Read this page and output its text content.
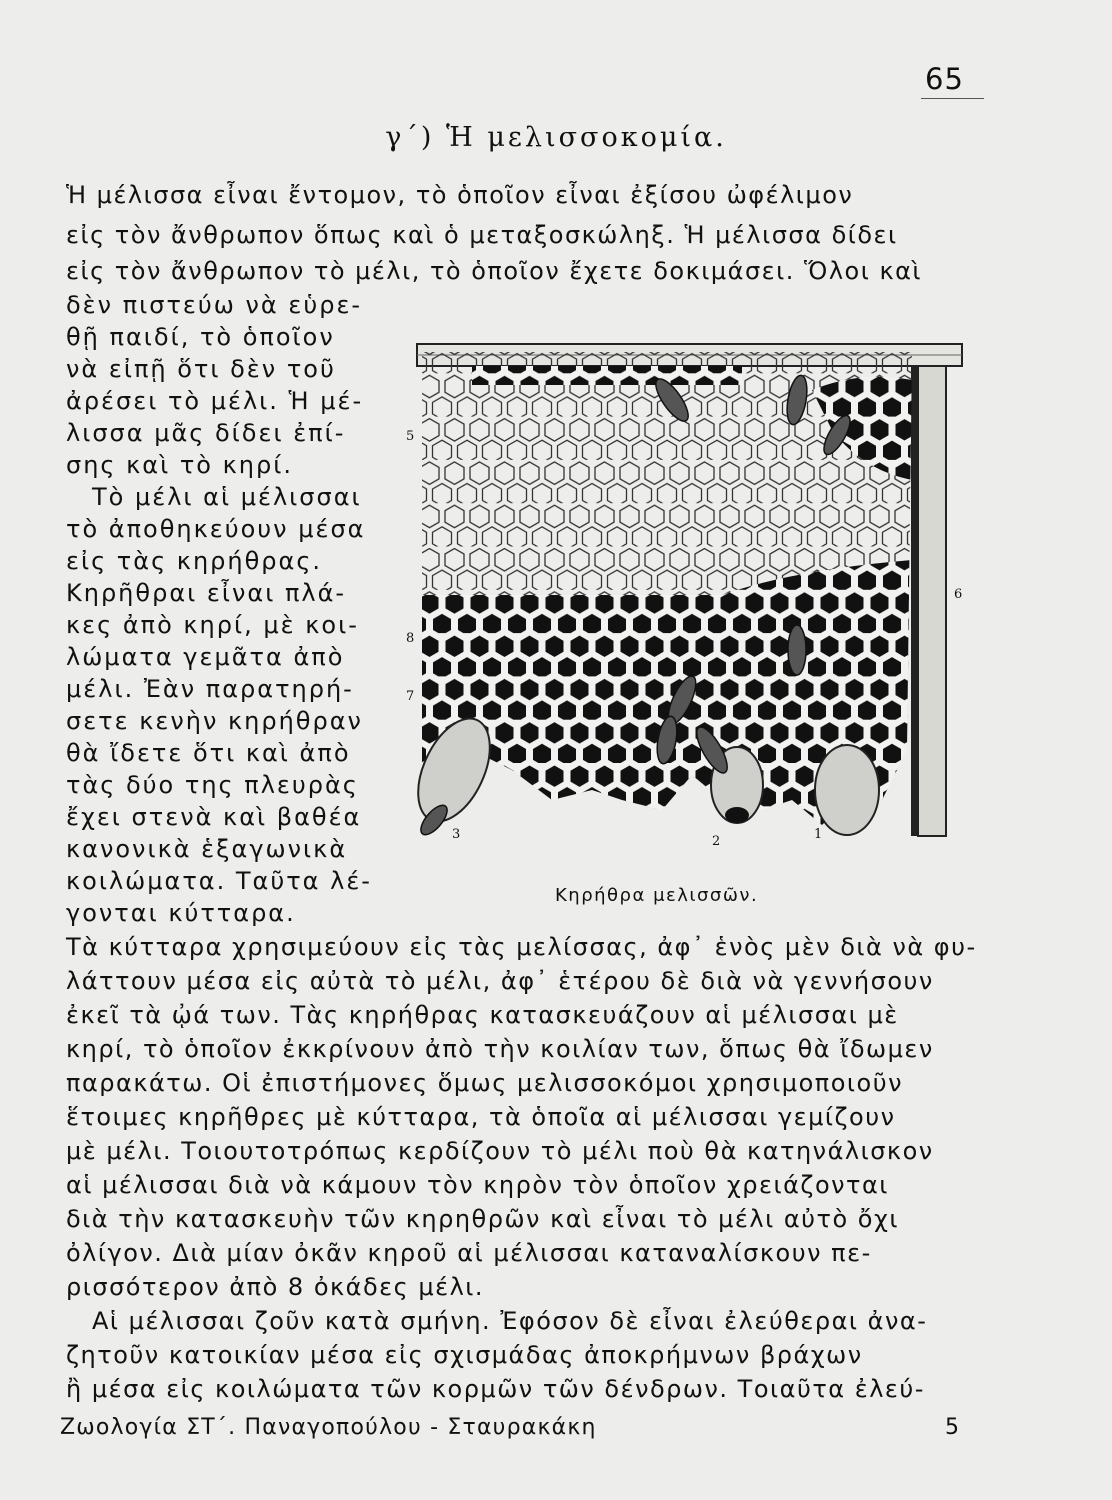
65
γ΄) Ἡ μελισσοκομία.
Ἡ μέλισσα εἶναι ἔντομον, τὸ ὁποῖον εἶναι ἐξίσου ὠφέλιμον
εἰς τὸν ἄνθρωπον ὅπως καὶ ὁ μεταξοσκώληξ. Ἡ μέλισσα δίδει
εἰς τὸν ἄνθρωπον τὸ μέλι, τὸ ὁποῖον ἔχετε δοκιμάσει. Ὅλοι καὶ
δὲν πιστεύω νὰ εὑρε-
θῇ παιδί, τὸ ὁποῖον
νὰ εἰπῇ ὅτι δὲν τοῦ
ἀρέσει τὸ μέλι. Ἡ μέ-
λισσα μᾶς δίδει ἐπί-
σης καὶ τὸ κηρί.
Τὸ μέλι αἱ μέλισσαι
τὸ ἀποθηκεύουν μέσα
εἰς τὰς κηρήθρας.
Κηρῆθραι εἶναι πλά-
κες ἀπὸ κηρί, μὲ κοι-
λώματα γεμᾶτα ἀπὸ
μέλι. Ἐὰν παρατηρή-
σετε κενὴν κηρήθραν
θὰ ἴδετε ὅτι καὶ ἀπὸ
τὰς δύο της πλευρὰς
ἔχει στενὰ καὶ βαθέα
κανονικὰ ἑξαγωνικὰ
κοιλώματα. Ταῦτα λέ-
γονται κύτταρα.
5
6
8
7
3	2	1
Κηρήθρα μελισσῶν.
Τὰ κύτταρα χρησιμεύουν εἰς τὰς μελίσσας, ἀφ᾽ ἑνὸς μὲν διὰ νὰ φυ-
λάττουν μέσα εἰς αὐτὰ τὸ μέλι, ἀφ᾽ ἑτέρου δὲ διὰ νὰ γεννήσουν
ἐκεῖ τὰ ᾠά των. Τὰς κηρήθρας κατασκευάζουν αἱ μέλισσαι μὲ
κηρί, τὸ ὁποῖον ἐκκρίνουν ἀπὸ τὴν κοιλίαν των, ὅπως θὰ ἴδωμεν
παρακάτω. Οἱ ἐπιστήμονες ὅμως μελισσοκόμοι χρησιμοποιοῦν
ἕτοιμες κηρῆθρες μὲ κύτταρα, τὰ ὁποῖα αἱ μέλισσαι γεμίζουν
μὲ μέλι. Τοιουτοτρόπως κερδίζουν τὸ μέλι ποὺ θὰ κατηνάλισκον
αἱ μέλισσαι διὰ νὰ κάμουν τὸν κηρὸν τὸν ὁποῖον χρειάζονται
διὰ τὴν κατασκευὴν τῶν κηρηθρῶν καὶ εἶναι τὸ μέλι αὐτὸ ὄχι
ὀλίγον. Διὰ μίαν ὀκᾶν κηροῦ αἱ μέλισσαι καταναλίσκουν πε-
ρισσότερον ἀπὸ 8 ὀκάδες μέλι.
Αἱ μέλισσαι ζοῦν κατὰ σμήνη. Ἐφόσον δὲ εἶναι ἐλεύθεραι ἀνα-
ζητοῦν κατοικίαν μέσα εἰς σχισμάδας ἀποκρήμνων βράχων
ἢ μέσα εἰς κοιλώματα τῶν κορμῶν τῶν δένδρων. Τοιαῦτα ἐλεύ-
Ζωολογία ΣΤ΄. Παναγοπούλου - Σταυρακάκη	5
